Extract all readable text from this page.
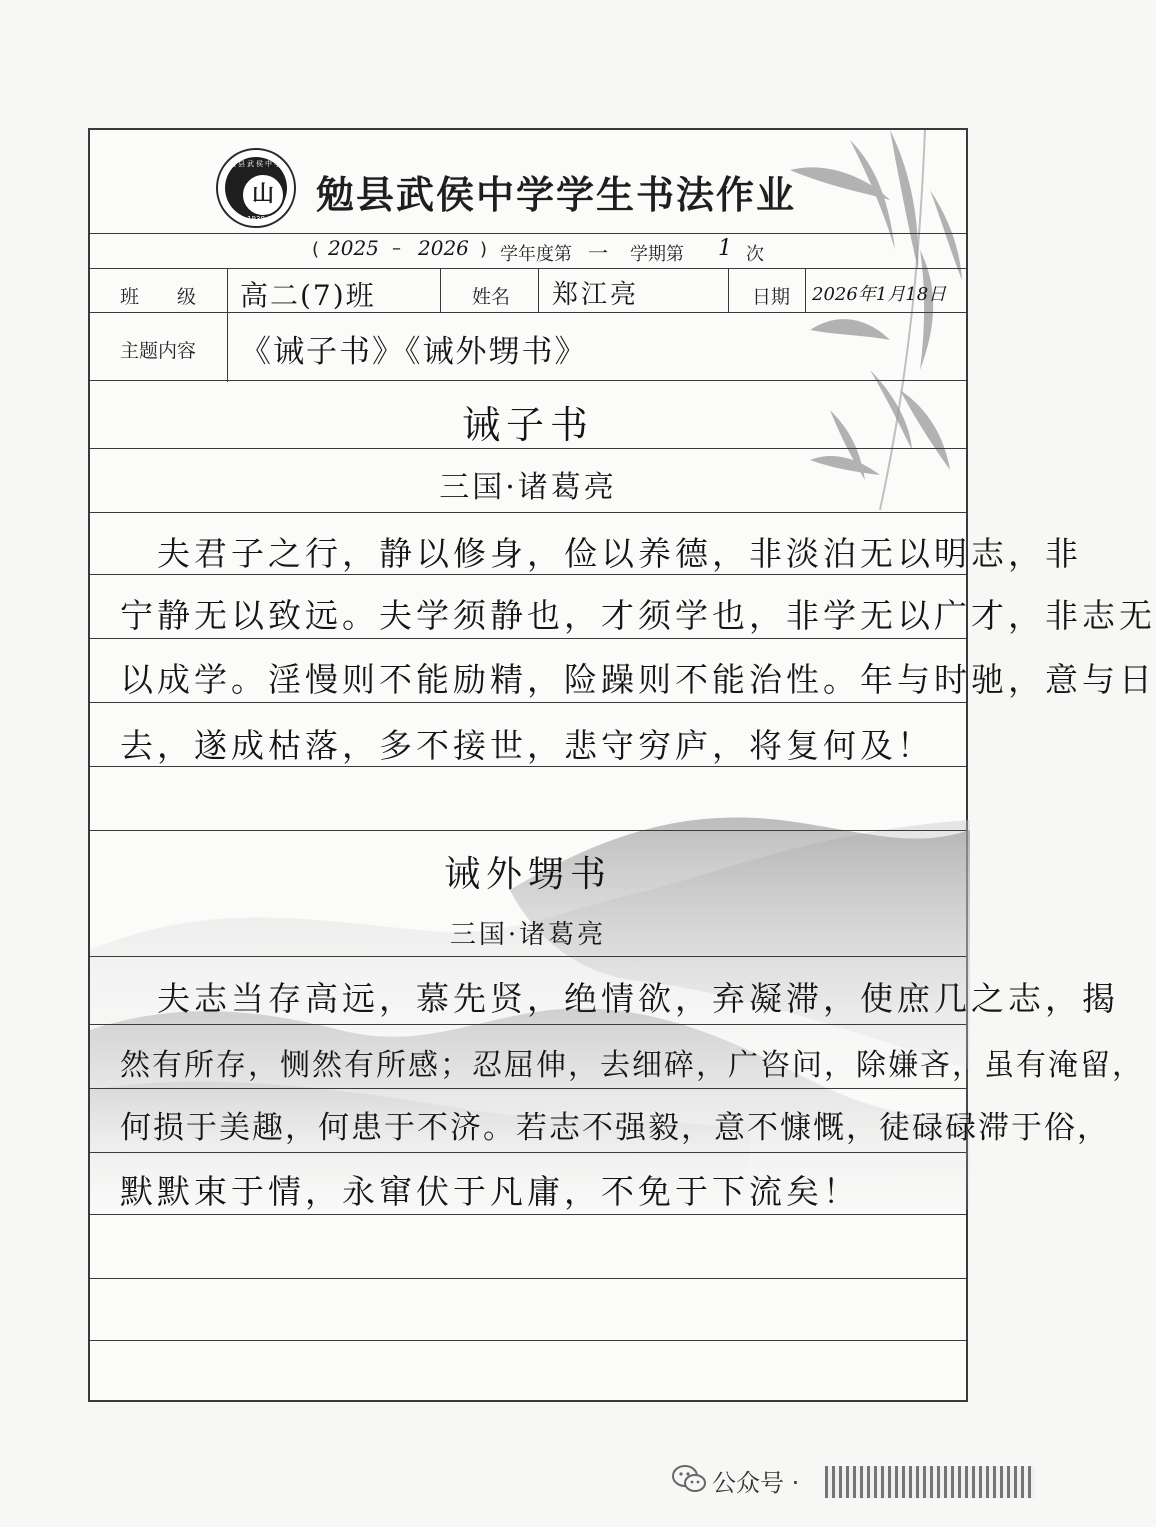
勉县武侯中学
⼭
1938
勉县武侯中学学生书法作业
( 2025 – 2026 ) 学年度第 一 学期第 1 次
班　　级 高二(7)班	姓名 郑江亮	日期 2026年1月18日
主题内容 《诫子书》《诫外甥书》
诫子书
三国·诸葛亮
　夫君子之行，静以修身，俭以养德，非淡泊无以明志，非
宁静无以致远。夫学须静也，才须学也，非学无以广才，非志无
以成学。淫慢则不能励精，险躁则不能治性。年与时驰，意与日
去，遂成枯落，多不接世，悲守穷庐，将复何及！
诫外甥书
三国·诸葛亮
　夫志当存高远，慕先贤，绝情欲，弃凝滞，使庶几之志，揭
然有所存，恻然有所感；忍屈伸，去细碎，广咨问，除嫌吝，虽有淹留，
何损于美趣，何患于不济。若志不强毅，意不慷慨，徒碌碌滞于俗，
默默束于情，永窜伏于凡庸，不免于下流矣！
公众号 ·
